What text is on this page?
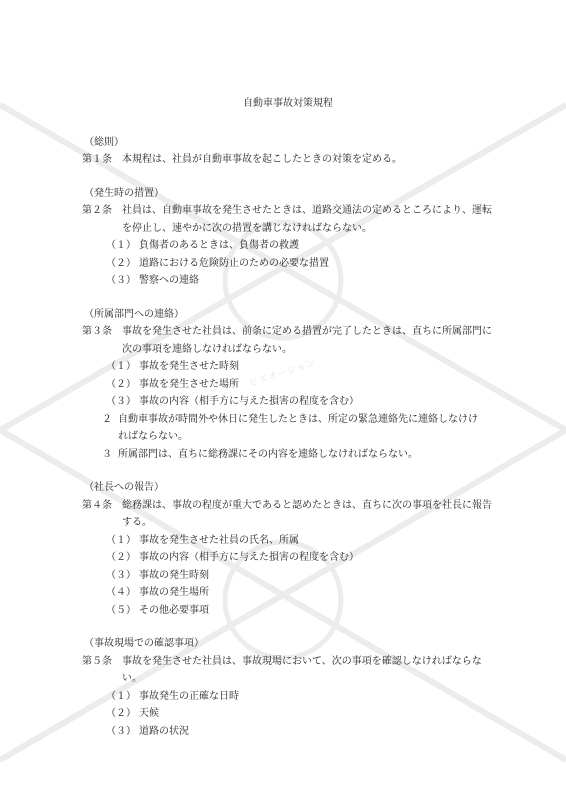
ビズオーション
自動車事故対策規程
（総則）
第１条	本規程は、社員が自動車事故を起こしたときの対策を定める。
（発生時の措置）
第２条	社員は、自動車事故を発生させたときは、道路交通法の定めるところにより、運転
を停止し、速やかに次の措置を講じなければならない。
（１） 負傷者のあるときは、負傷者の救護
（２） 道路における危険防止のための必要な措置
（３） 警察への連絡
（所属部門への連絡）
第３条	事故を発生させた社員は、前条に定める措置が完了したときは、直ちに所属部門に
次の事項を連絡しなければならない。
（１） 事故を発生させた時刻
（２） 事故を発生させた場所
（３） 事故の内容（相手方に与えた損害の程度を含む）
２ 自動車事故が時間外や休日に発生したときは、所定の緊急連絡先に連絡しなけけ
ればならない。
３ 所属部門は、直ちに総務課にその内容を連絡しなければならない。
（社長への報告）
第４条	総務課は、事故の程度が重大であると認めたときは、直ちに次の事項を社長に報告
する。
（１） 事故を発生させた社員の氏名、所属
（２） 事故の内容（相手方に与えた損害の程度を含む）
（３） 事故の発生時刻
（４） 事故の発生場所
（５） その他必要事項
（事故現場での確認事項）
第５条	事故を発生させた社員は、事故現場において、次の事項を確認しなければならない。
（１） 事故発生の正確な日時
（２） 天候
（３） 道路の状況
